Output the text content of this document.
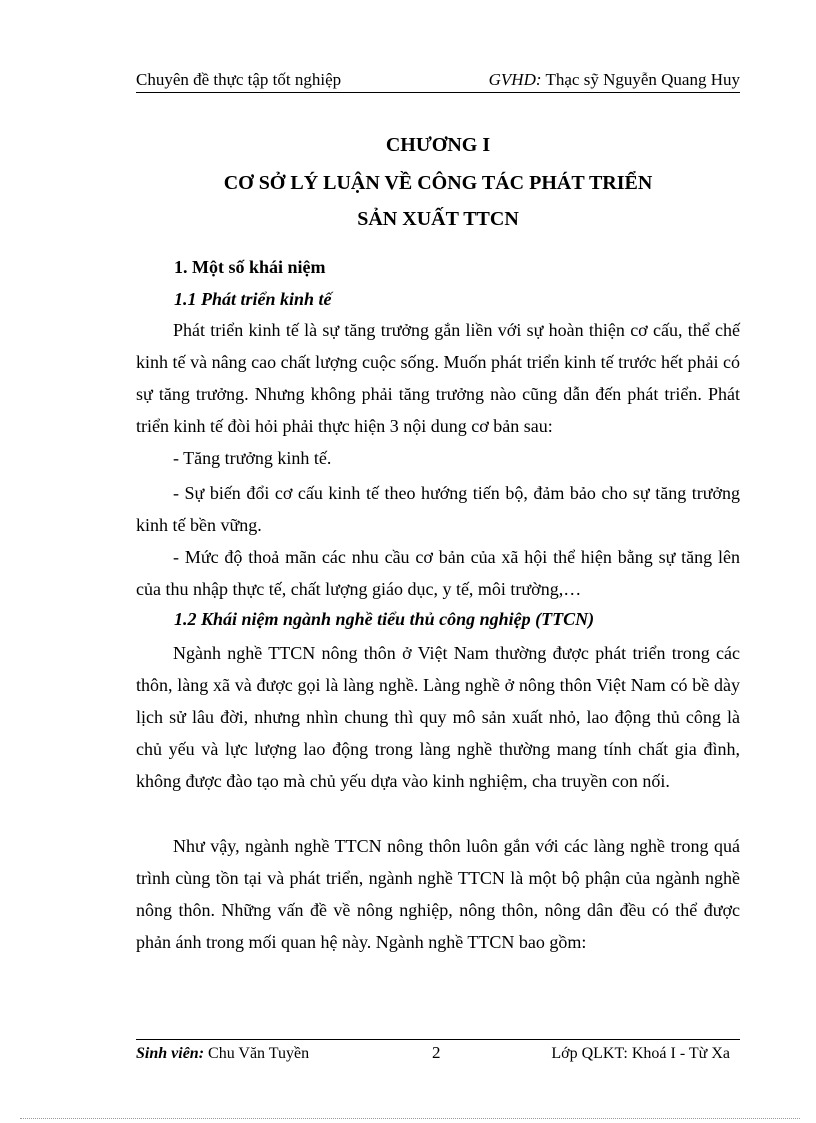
Chuyên đề thực tập tốt nghiệp	GVHD: Thạc sỹ Nguyễn Quang Huy
CHƯƠNG I
CƠ SỞ LÝ LUẬN VỀ CÔNG TÁC PHÁT TRIỂN
SẢN XUẤT TTCN
1. Một số khái niệm
1.1 Phát triển kinh tế

Phát triển kinh tế là sự tăng trưởng gắn liền với sự hoàn thiện cơ cấu, thể chế kinh tế và nâng cao chất lượng cuộc sống. Muốn phát triển kinh tế trước hết phải có sự tăng trưởng. Nhưng không phải tăng trưởng nào cũng dẫn đến phát triển. Phát triển kinh tế đòi hỏi phải thực hiện 3 nội dung cơ bản sau:

- Tăng trưởng kinh tế.

- Sự biến đổi cơ cấu kinh tế theo hướng tiến bộ, đảm bảo cho sự tăng trưởng kinh tế bền vững.

- Mức độ thoả mãn các nhu cầu cơ bản của xã hội thể hiện bằng sự tăng lên của thu nhập thực tế, chất lượng giáo dục, y tế, môi trường,…

1.2 Khái niệm ngành nghề tiểu thủ công nghiệp (TTCN)

Ngành nghề TTCN nông thôn ở Việt Nam thường được phát triển trong các thôn, làng xã và được gọi là làng nghề. Làng nghề ở nông thôn Việt Nam có bề dày lịch sử lâu đời, nhưng nhìn chung thì quy mô sản xuất nhỏ, lao động thủ công là chủ yếu và lực lượng lao động trong làng nghề thường mang tính chất gia đình, không được đào tạo mà chủ yếu dựa vào kinh nghiệm, cha truyền con nối.

Như vậy, ngành nghề TTCN nông thôn luôn gắn với các làng nghề trong quá trình cùng tồn tại và phát triển, ngành nghề TTCN là một bộ phận của ngành nghề nông thôn. Những vấn đề về nông nghiệp, nông thôn, nông dân đều có thể được phản ánh trong mối quan hệ này. Ngành nghề TTCN bao gồm:

Sinh viên: Chu Văn Tuyền	2	Lớp QLKT: Khoá I - Từ Xa
